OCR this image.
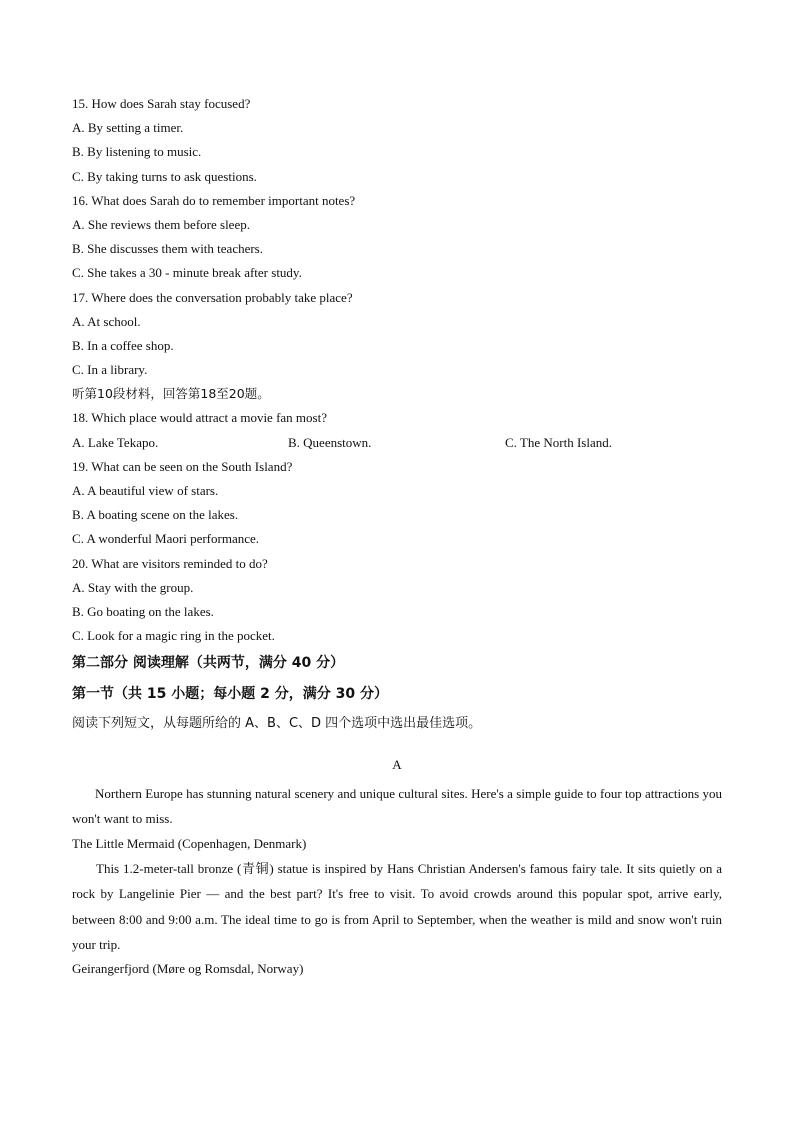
15. How does Sarah stay focused?
A. By setting a timer.
B. By listening to music.
C. By taking turns to ask questions.
16. What does Sarah do to remember important notes?
A. She reviews them before sleep.
B. She discusses them with teachers.
C. She takes a 30 - minute break after study.
17. Where does the conversation probably take place?
A. At school.
B. In a coffee shop.
C. In a library.
听第10段材料，回答第18至20题。
18. Which place would attract a movie fan most?
A. Lake Tekapo.	B. Queenstown.	C. The North Island.
19. What can be seen on the South Island?
A. A beautiful view of stars.
B. A boating scene on the lakes.
C. A wonderful Maori performance.
20. What are visitors reminded to do?
A. Stay with the group.
B. Go boating on the lakes.
C. Look for a magic ring in the pocket.
第二部分 阅读理解（共两节，满分 40 分）
第一节（共 15 小题；每小题 2 分，满分 30 分）
阅读下列短文，从每题所给的 A、B、C、D 四个选项中选出最佳选项。
A

Northern Europe has stunning natural scenery and unique cultural sites. Here's a simple guide to four top attractions you won't want to miss.

The Little Mermaid (Copenhagen, Denmark)

This 1.2-meter-tall bronze (青铜) statue is inspired by Hans Christian Andersen's famous fairy tale. It sits quietly on a rock by Langelinie Pier — and the best part? It's free to visit. To avoid crowds around this popular spot, arrive early, between 8:00 and 9:00 a.m. The ideal time to go is from April to September, when the weather is mild and snow won't ruin your trip.

Geirangerfjord (Møre og Romsdal, Norway)
